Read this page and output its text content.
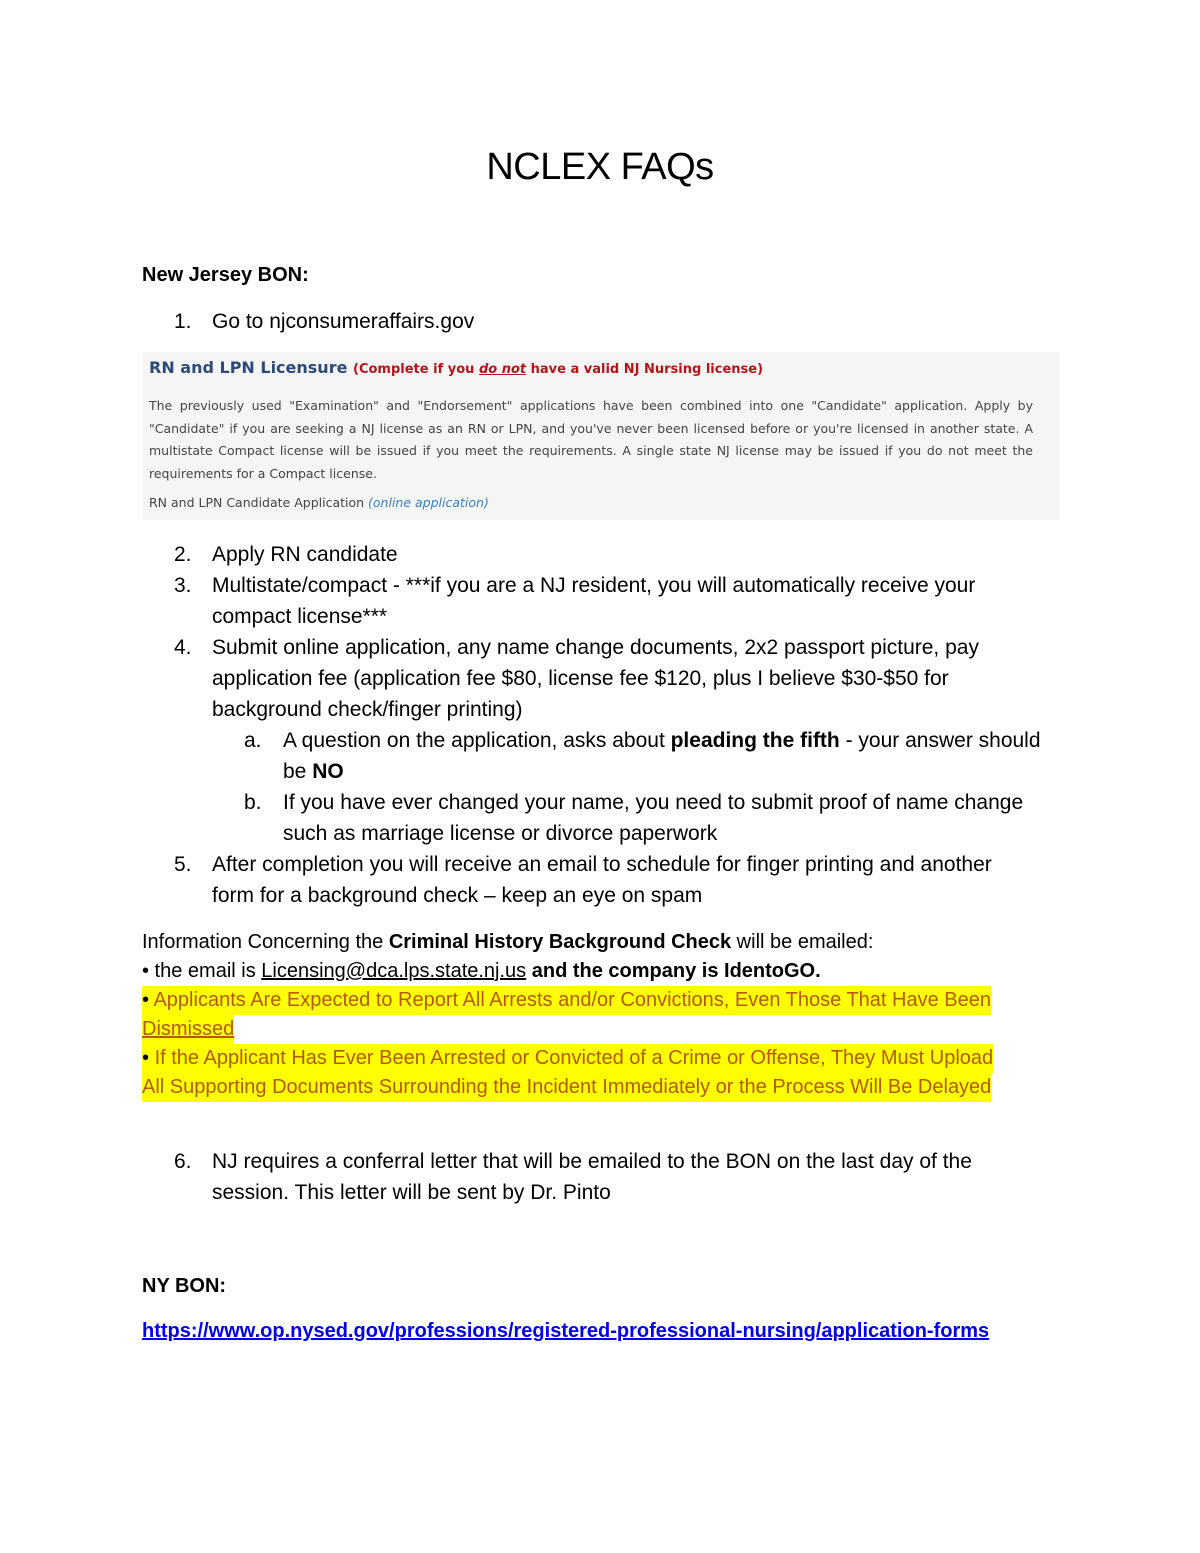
NCLEX FAQs
New Jersey BON:
1. Go to njconsumeraffairs.gov
RN and LPN Licensure (Complete if you do not have a valid NJ Nursing license)
The previously used "Examination" and "Endorsement" applications have been combined into one "Candidate" application. Apply by "Candidate" if you are seeking a NJ license as an RN or LPN, and you've never been licensed before or you're licensed in another state. A multistate Compact license will be issued if you meet the requirements. A single state NJ license may be issued if you do not meet the requirements for a Compact license.
RN and LPN Candidate Application (online application)
2. Apply RN candidate
3. Multistate/compact - ***if you are a NJ resident, you will automatically receive your
compact license***
4. Submit online application, any name change documents, 2x2 passport picture, pay
application fee (application fee $80, license fee $120, plus I believe $30-$50 for
background check/finger printing)
a. A question on the application, asks about pleading the fifth - your answer should
be NO
b. If you have ever changed your name, you need to submit proof of name change
such as marriage license or divorce paperwork
5. After completion you will receive an email to schedule for finger printing and another
form for a background check – keep an eye on spam
Information Concerning the Criminal History Background Check will be emailed:
• the email is Licensing@dca.lps.state.nj.us and the company is IdentoGO.
• Applicants Are Expected to Report All Arrests and/or Convictions, Even Those That Have Been
Dismissed
• If the Applicant Has Ever Been Arrested or Convicted of a Crime or Offense, They Must Upload
All Supporting Documents Surrounding the Incident Immediately or the Process Will Be Delayed
6. NJ requires a conferral letter that will be emailed to the BON on the last day of the
session. This letter will be sent by Dr. Pinto
NY BON:
https://www.op.nysed.gov/professions/registered-professional-nursing/application-forms
